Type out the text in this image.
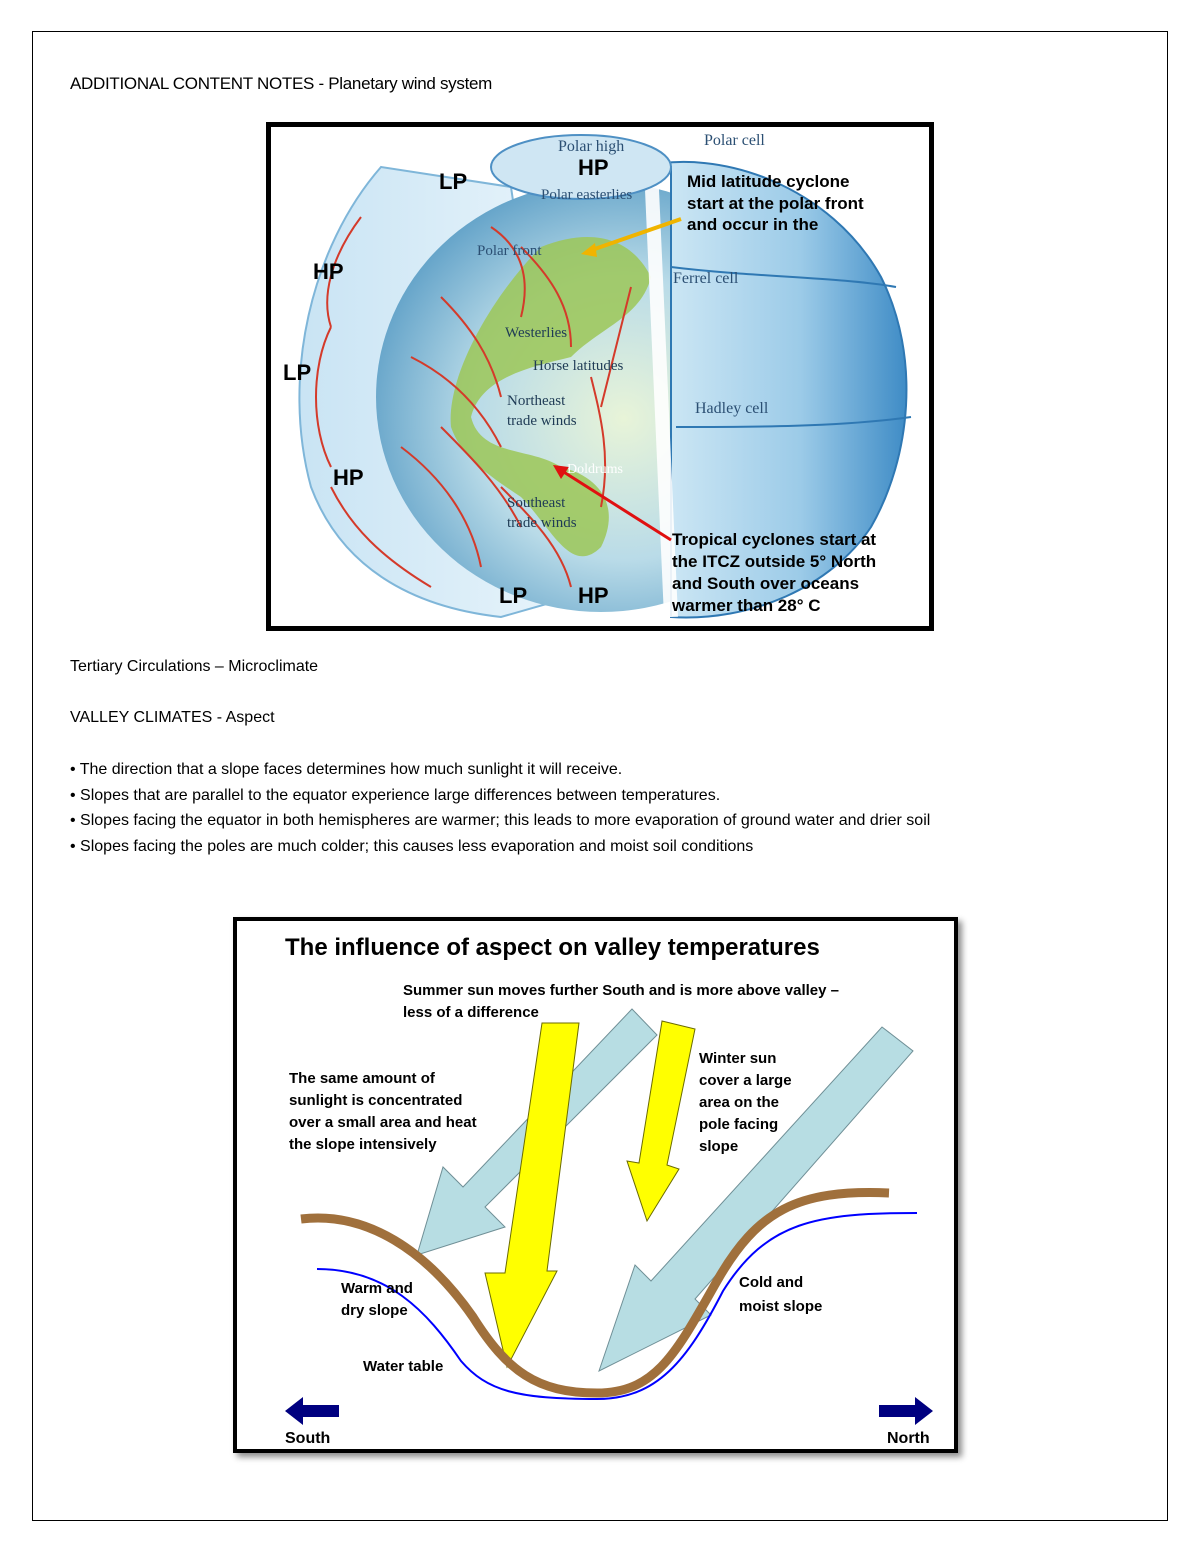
ADDITIONAL CONTENT NOTES - Planetary wind system
Polar high	Polar cell
Polar easterlies
Polar front
Ferrel cell
Westerlies
Horse latitudes
Northeast
trade winds
Hadley cell
Doldrums
Southeast
trade winds
HP
LP
HP
LP
HP
LP HP
Mid latitude cyclone
start at the polar front
and occur in the
Tropical cyclones start at
the ITCZ outside 5° North
and South over oceans
warmer than 28° C
Tertiary Circulations – Microclimate
VALLEY CLIMATES - Aspect

• The direction that a slope faces determines how much sunlight it will receive.

• Slopes that are parallel to the equator experience large differences between temperatures.

• Slopes facing the equator in both hemispheres are warmer; this leads to more evaporation of ground water and drier soil

• Slopes facing the poles are much colder; this causes less evaporation and moist soil conditions

The influence of aspect on valley temperatures
Summer sun moves further South and is more above valley –
less of a difference
The same amount of
sunlight is concentrated
over a small area and heat
the slope intensively
Winter sun
cover a large
area on the
pole facing
slope
Warm and
dry slope
Cold and
moist slope
Water table
South	North
